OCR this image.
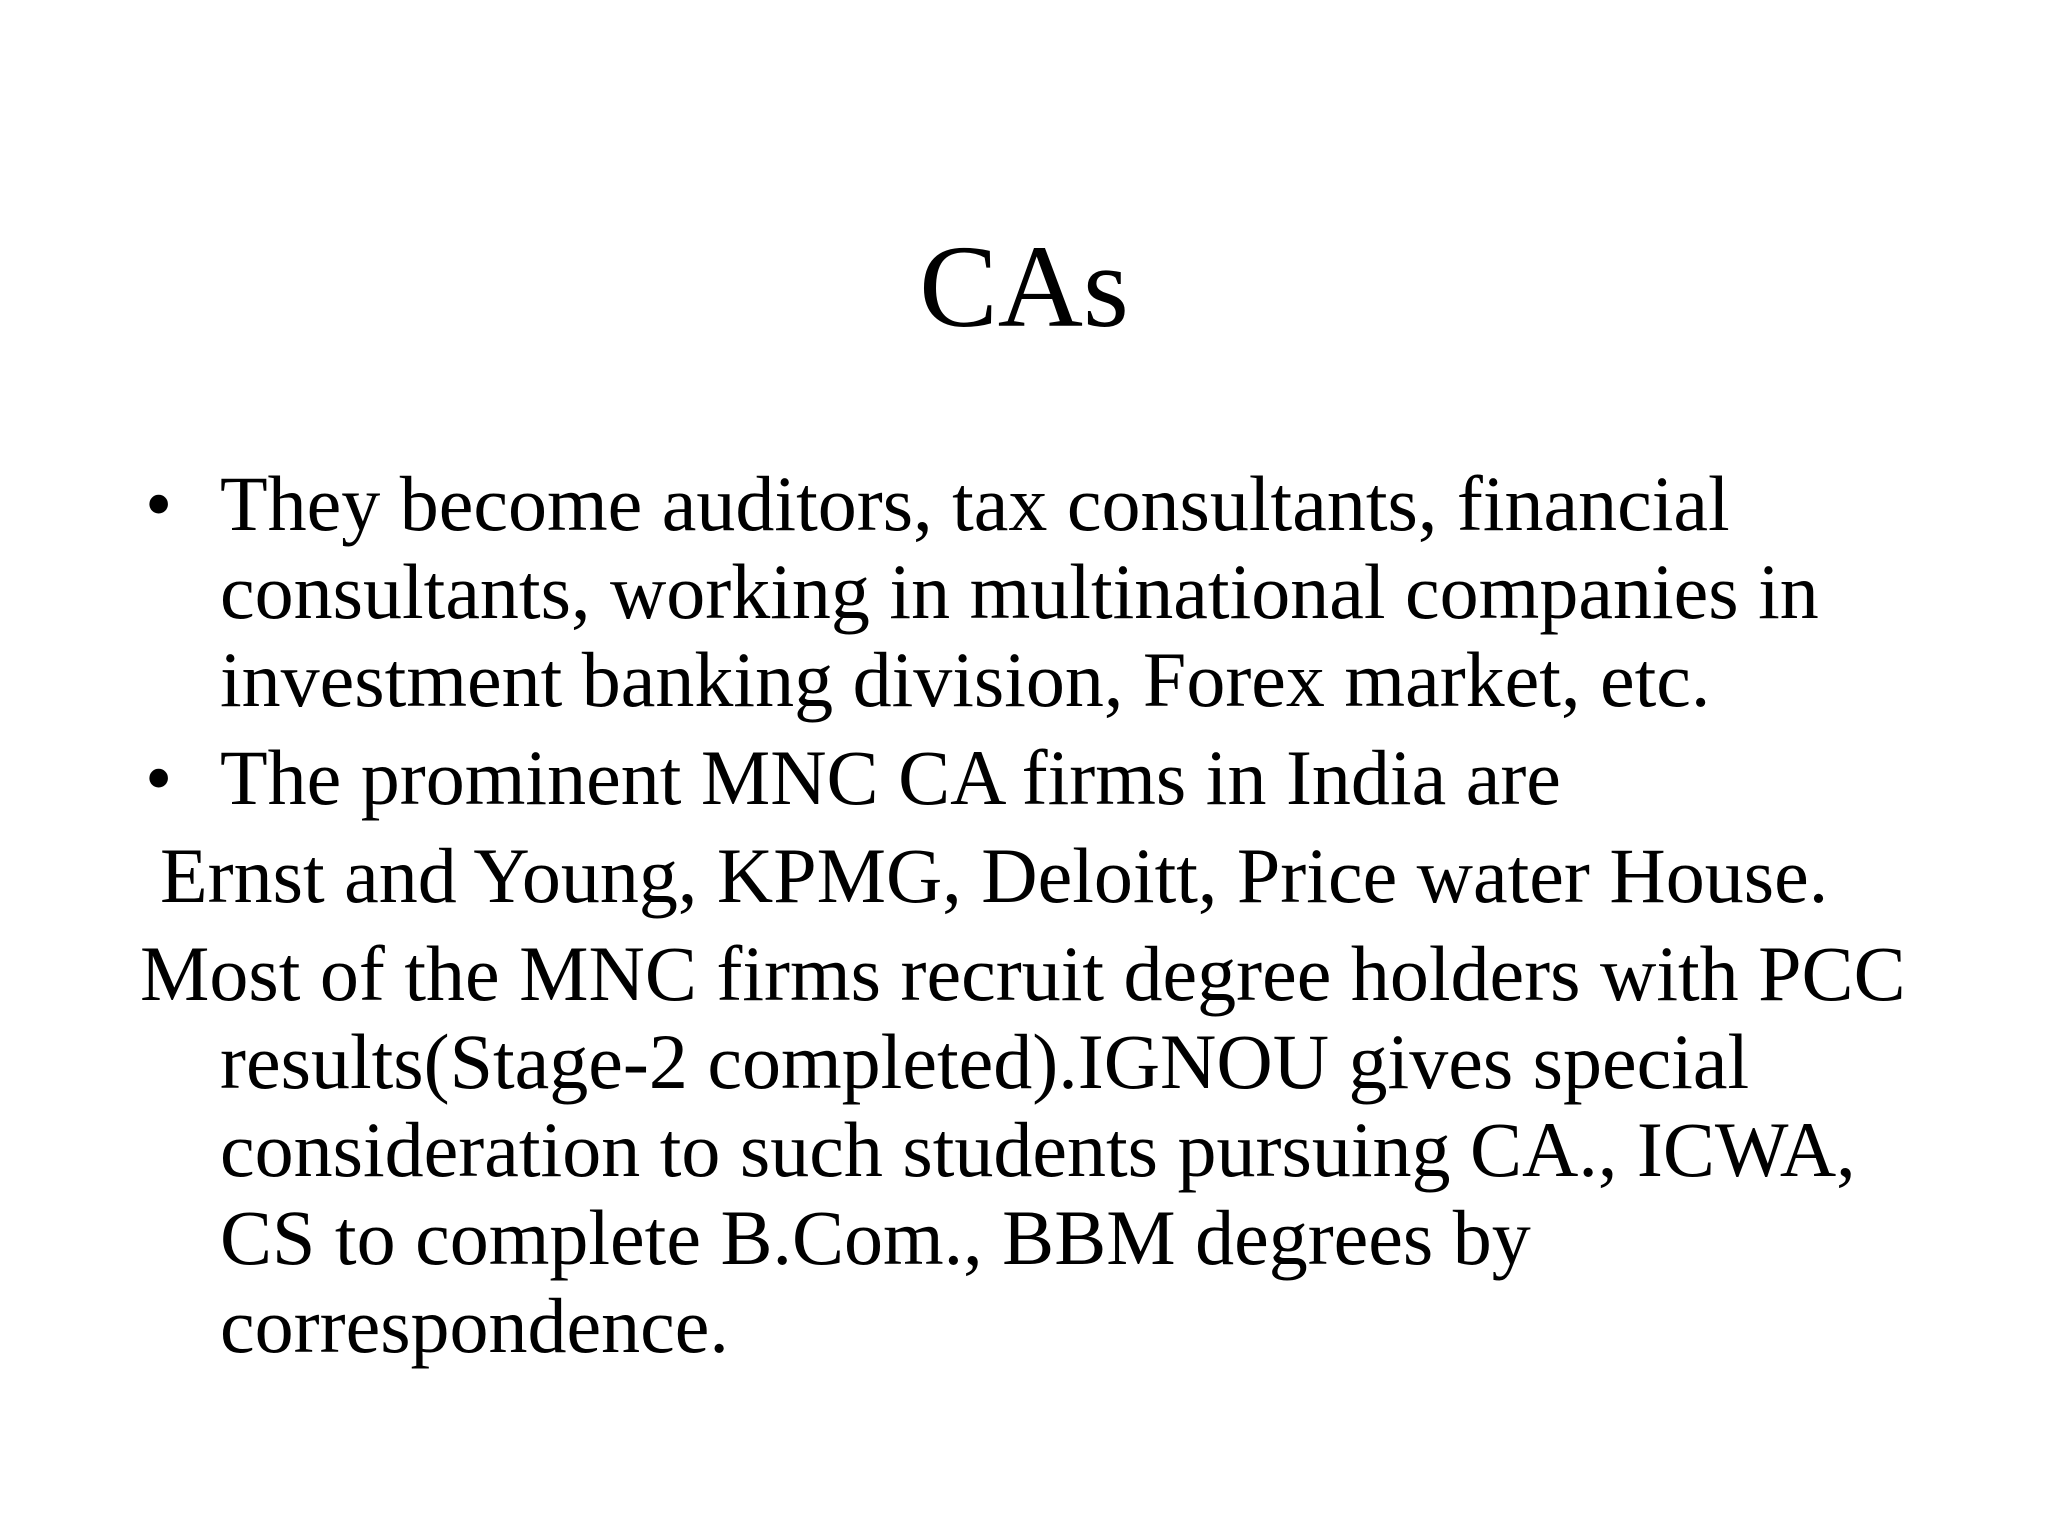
CAs
• They become auditors, tax consultants, financial consultants, working in multinational companies in investment banking division, Forex market, etc.
• The prominent MNC CA firms in India are

Ernst and Young, KPMG, Deloitt, Price water House.

Most of the MNC firms recruit degree holders with PCC results(Stage-2 completed).IGNOU gives special consideration to such students pursuing CA., ICWA, CS to complete B.Com., BBM degrees by correspondence.
